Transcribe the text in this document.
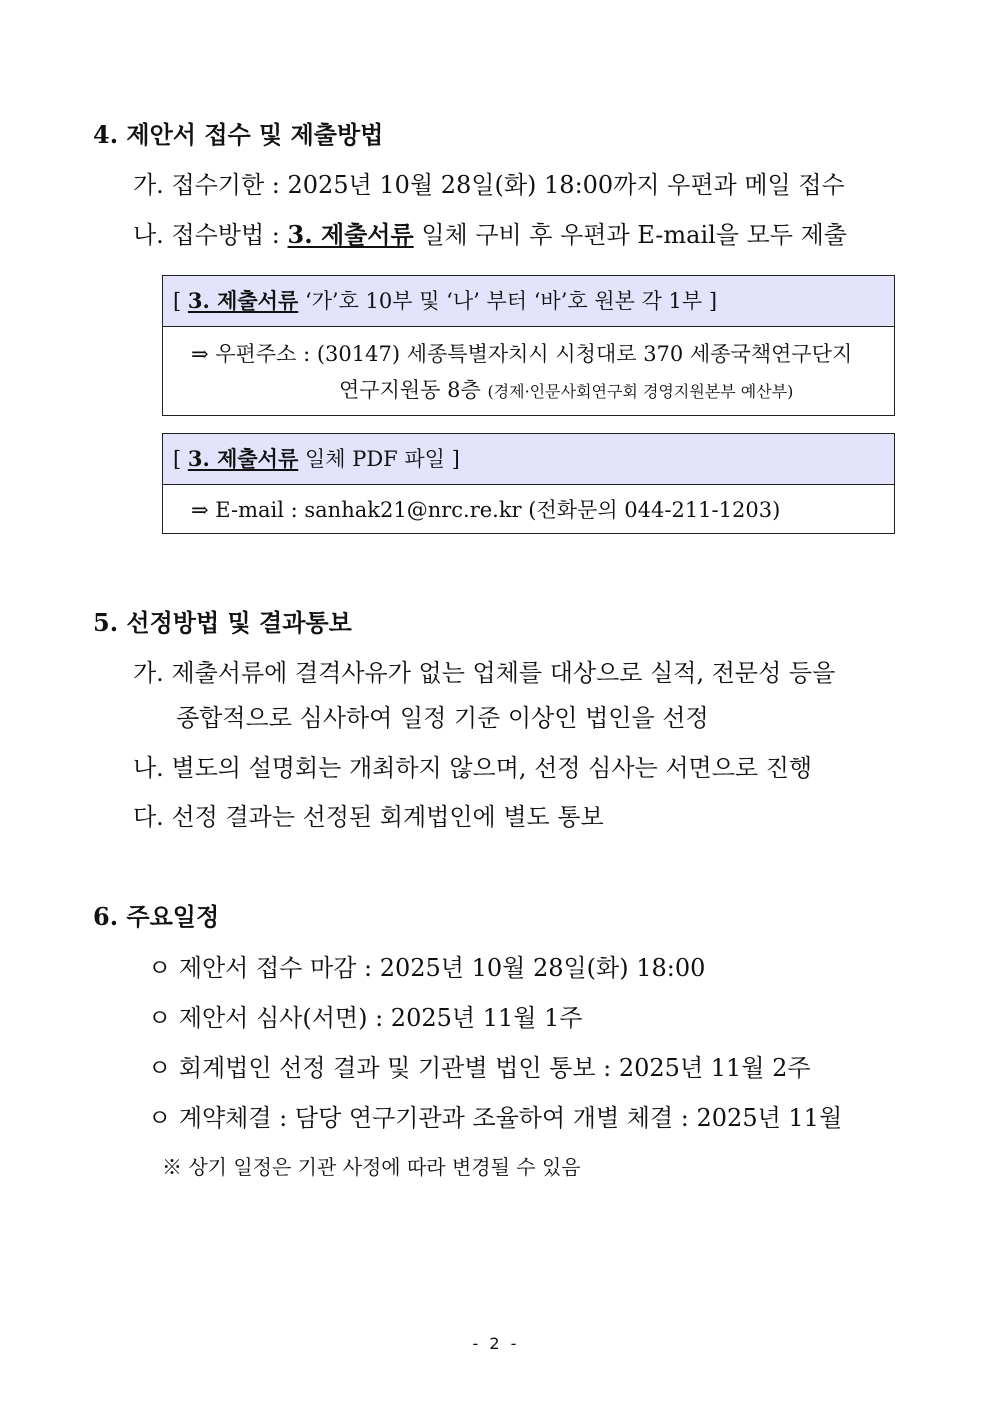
4. 제안서 접수 및 제출방법
가. 접수기한 : 2025년 10월 28일(화) 18:00까지 우편과 메일 접수
나. 접수방법 : 3. 제출서류 일체 구비 후 우편과 E-mail을 모두 제출
[ 3. 제출서류 ‘가’호 10부 및 ‘나’ 부터 ‘바’호 원본 각 1부 ]
⇒ 우편주소 : (30147) 세종특별자치시 시청대로 370 세종국책연구단지
연구지원동 8층 (경제·인문사회연구회 경영지원본부 예산부)
[ 3. 제출서류 일체 PDF 파일 ]
⇒ E-mail : sanhak21@nrc.re.kr (전화문의 044-211-1203)
5. 선정방법 및 결과통보
가. 제출서류에 결격사유가 없는 업체를 대상으로 실적, 전문성 등을
종합적으로 심사하여 일정 기준 이상인 법인을 선정
나. 별도의 설명회는 개최하지 않으며, 선정 심사는 서면으로 진행
다. 선정 결과는 선정된 회계법인에 별도 통보
6. 주요일정
ㅇ 제안서 접수 마감 : 2025년 10월 28일(화) 18:00
ㅇ 제안서 심사(서면) : 2025년 11월 1주
ㅇ 회계법인 선정 결과 및 기관별 법인 통보 : 2025년 11월 2주
ㅇ 계약체결 : 담당 연구기관과 조율하여 개별 체결 : 2025년 11월
※ 상기 일정은 기관 사정에 따라 변경될 수 있음
- 2 -
